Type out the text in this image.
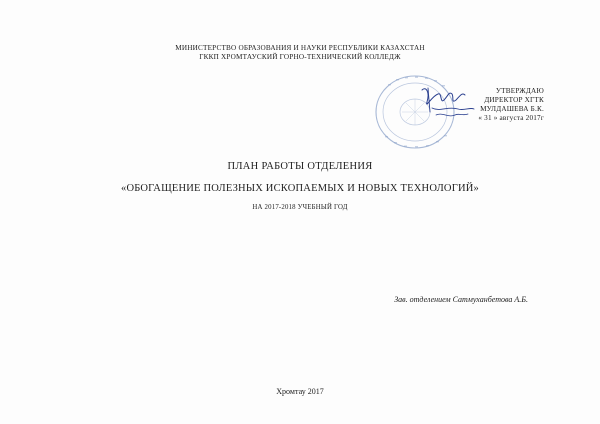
МИНИСТЕРСТВО ОБРАЗОВАНИЯ И НАУКИ РЕСПУБЛИКИ КАЗАХСТАН
ГККП ХРОМТАУСКИЙ ГОРНО-ТЕХНИЧЕСКИЙ КОЛЛЕДЖ
УТВЕРЖДАЮ
ДИРЕКТОР ХГТК
МУЛДАШЕВА Б.К.
« 31 » августа 2017г
ПЛАН РАБОТЫ ОТДЕЛЕНИЯ
«ОБОГАЩЕНИЕ ПОЛЕЗНЫХ ИСКОПАЕМЫХ И НОВЫХ ТЕХНОЛОГИЙ»
НА 2017-2018 УЧЕБНЫЙ ГОД
Зав. отделением Сатмуханбетова А.Б.
Хромтау 2017
